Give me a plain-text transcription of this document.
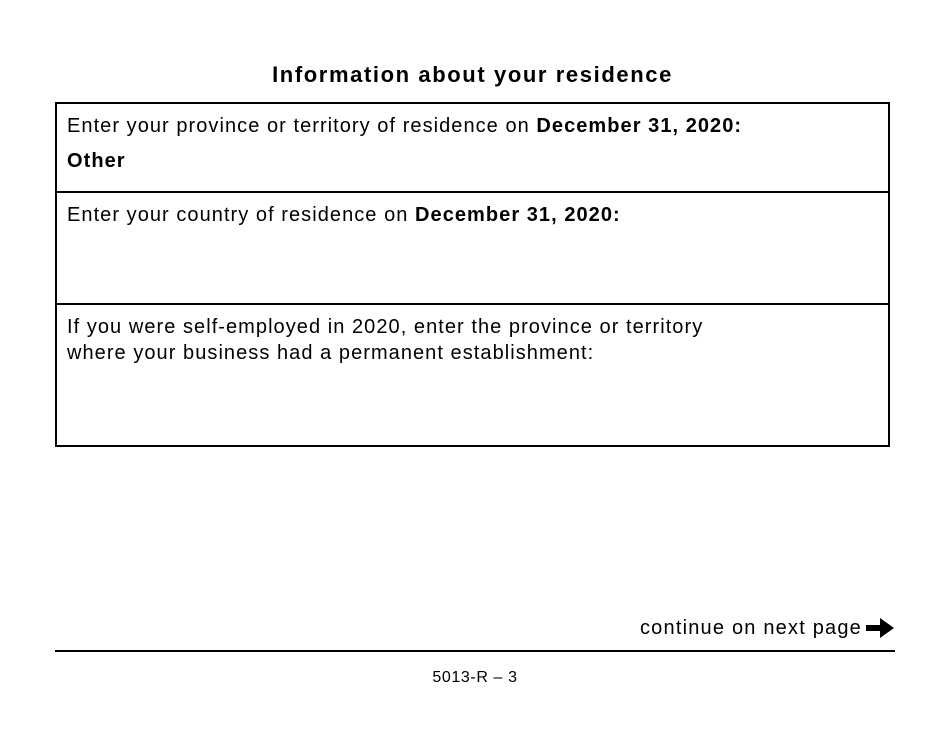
Information about your residence
Enter your province or territory of residence on December 31, 2020:
Other
Enter your country of residence on December 31, 2020:
If you were self-employed in 2020, enter the province or territory
where your business had a permanent establishment:
continue on next page
5013-R – 3
